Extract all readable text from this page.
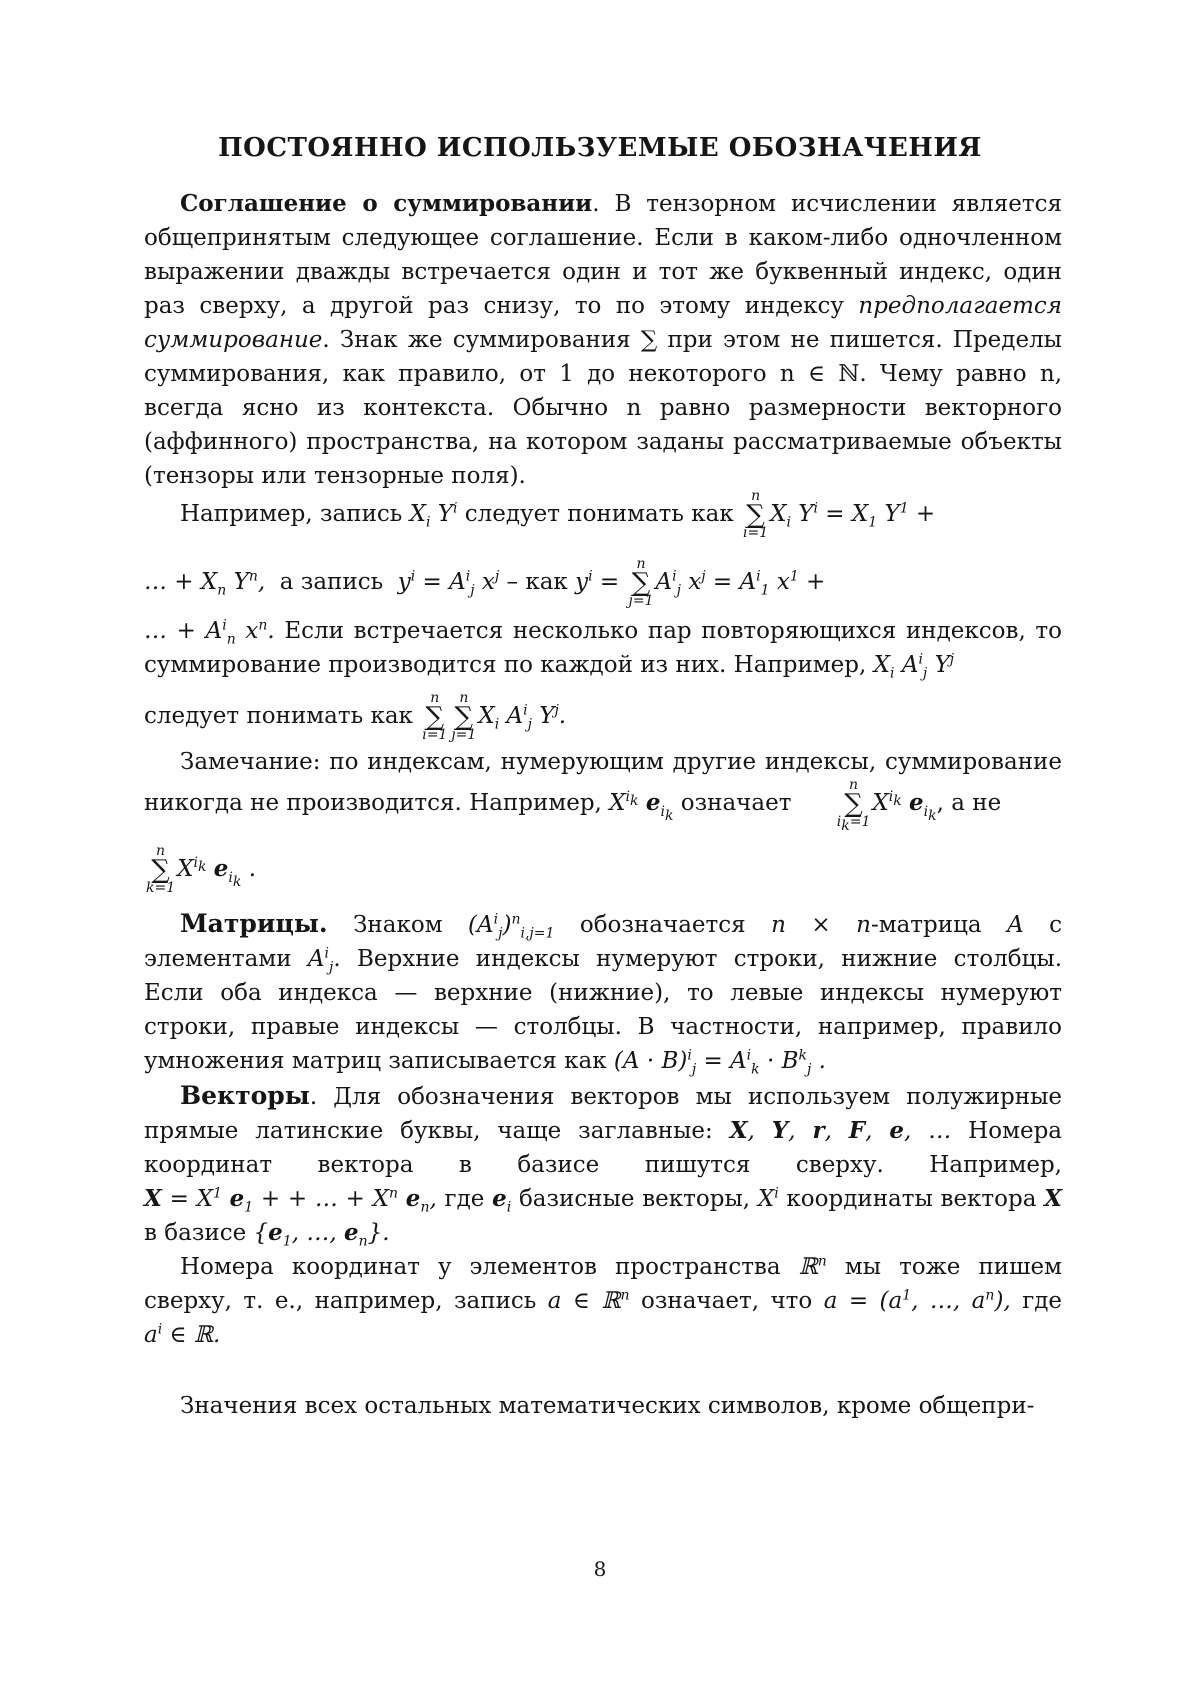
ПОСТОЯННО ИСПОЛЬЗУЕМЫЕ ОБОЗНАЧЕНИЯ
Соглашение о суммировании. В тензорном исчислении является общепринятым следующее соглашение. Если в каком-либо одночленном выражении дважды встречается один и тот же буквенный индекс, один раз сверху, а другой раз снизу, то по этому индексу предполагается суммирование. Знак же суммирования ∑ при этом не пишется. Пределы суммирования, как правило, от 1 до некоторого n ∈ ℕ. Чему равно n, всегда ясно из контекста. Обычно n равно размерности векторного (аффинного) пространства, на котором заданы рассматриваемые объекты (тензоры или тензорные поля).
Например, запись $X_i$ $Y^i$ следует понимать как
n
∑
i=1
$X_i$ $Y^i = X_1$ $Y^1$ +
… + $X_n$ $Y^n$, а запись $y^i = A^i_j$ $x^j$ – как $y^i$ =
n
∑
j=1
$A^i_j$ $x^j = A^i_1$ $x^1$ +
… + $A^i_n$ $x^n$. Если встречается несколько пар повторяющихся индексов, то суммирование производится по каждой из них. Например, $X_i$ $A^i_j$ $Y^j$
следует понимать как
n
∑
i=1
n
∑
j=1
$X_i$ $A^i_j$ $Y^j$.
Замечание: по индексам, нумерующим другие индексы, суммирование никогда не производится. Например, $X^{i_k}$ $e_{i_k}$ означает
n
∑
$i_k=1$
$X^{i_k}$ $e_{i_k}$, а не
n
∑
k=1
$X^{i_k}$ $e_{i_k}$ .
Матрицы. Знаком $(A^i_j)^n_{i,j=1}$ обозначается n × n-матрица A с элементами $A^i_j$. Верхние индексы нумеруют строки, нижние столбцы. Если оба индекса — верхние (нижние), то левые индексы нумеруют строки, правые индексы — столбцы. В частности, например, правило умножения матриц записывается как $(A \cdot B)^i_j = A^i_k \cdot B^k_j$ .
Векторы. Для обозначения векторов мы используем полужирные прямые латинские буквы, чаще заглавные: X, Y, r, F, e, … Номера координат вектора в базисе пишутся сверху. Например, $X = X^1$ $e_1$ + + … + $X^n$ $e_n$, где $e_i$ базисные векторы, $X^i$ координаты вектора X в базисе {$e_1$, …, $e_n$}.
Номера координат у элементов пространства ℝ$^n$ мы тоже пишем сверху, т. е., например, запись a ∈ ℝ$^n$ означает, что $a = (a^1$, …, $a^n$), где $a^i$ ∈ ℝ.
Значения всех остальных математических символов, кроме общепри-
8
